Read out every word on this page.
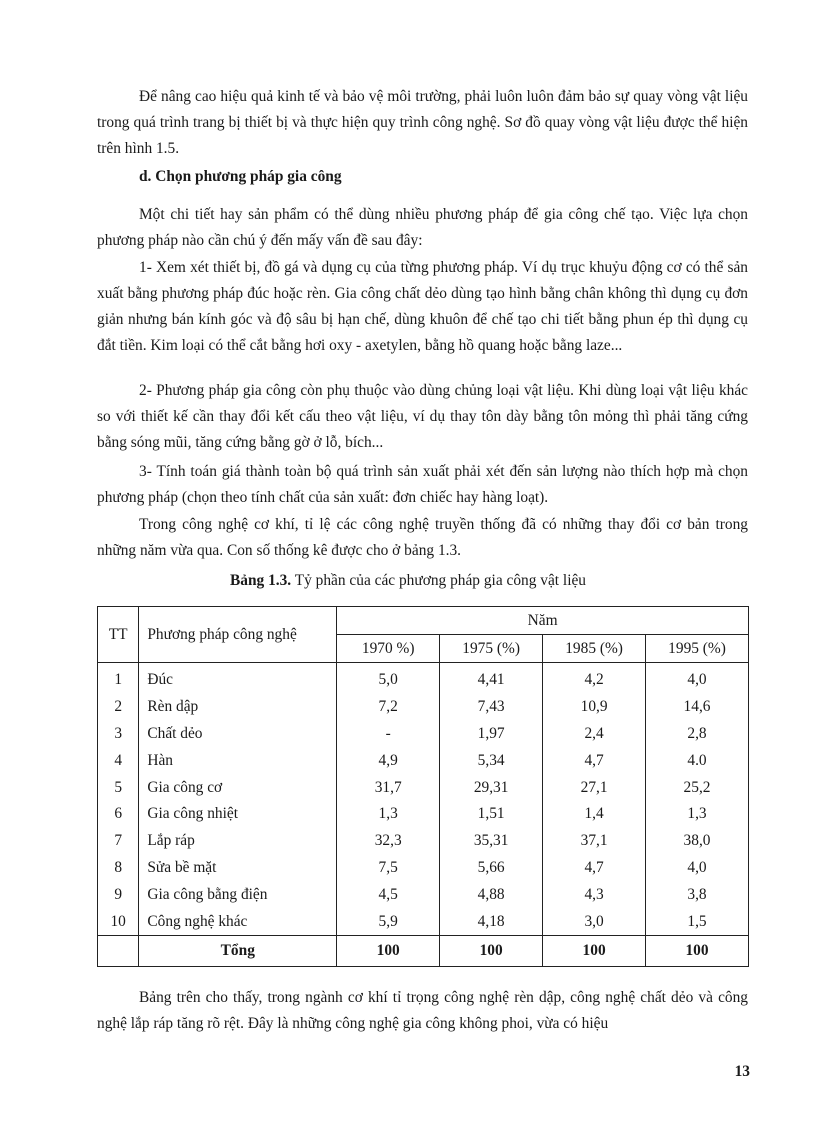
Để nâng cao hiệu quả kinh tế và bảo vệ môi trường, phải luôn luôn đảm bảo sự quay vòng vật liệu trong quá trình trang bị thiết bị và thực hiện quy trình công nghệ. Sơ đồ quay vòng vật liệu được thể hiện trên hình 1.5.

d. Chọn phương pháp gia công

Một chi tiết hay sản phẩm có thể dùng nhiều phương pháp để gia công chế tạo. Việc lựa chọn phương pháp nào cần chú ý đến mấy vấn đề sau đây:

1- Xem xét thiết bị, đồ gá và dụng cụ của từng phương pháp. Ví dụ trục khuỷu động cơ có thể sản xuất bằng phương pháp đúc hoặc rèn. Gia công chất dẻo dùng tạo hình bằng chân không thì dụng cụ đơn giản nhưng bán kính góc và độ sâu bị hạn chế, dùng khuôn để chế tạo chi tiết bằng phun ép thì dụng cụ đắt tiền. Kim loại có thể cắt bằng hơi oxy - axetylen, bằng hồ quang hoặc bằng laze...

2- Phương pháp gia công còn phụ thuộc vào dùng chủng loại vật liệu. Khi dùng loại vật liệu khác so với thiết kế cần thay đổi kết cấu theo vật liệu, ví dụ thay tôn dày bằng tôn mỏng thì phải tăng cứng bằng sóng mũi, tăng cứng bằng gờ ở lỗ, bích...

3- Tính toán giá thành toàn bộ quá trình sản xuất phải xét đến sản lượng nào thích hợp mà chọn phương pháp (chọn theo tính chất của sản xuất: đơn chiếc hay hàng loạt).

Trong công nghệ cơ khí, tỉ lệ các công nghệ truyền thống đã có những thay đổi cơ bản trong những năm vừa qua. Con số thống kê được cho ở bảng 1.3.

Bảng 1.3. Tỷ phần của các phương pháp gia công vật liệu
TT	Phương pháp công nghệ	Năm			
		1970 %)	1975 (%)	1985 (%)	1995 (%)
1	Đúc	5,0	4,41	4,2	4,0
2	Rèn dập	7,2	7,43	10,9	14,6
3	Chất dẻo	-	1,97	2,4	2,8
4	Hàn	4,9	5,34	4,7	4.0
5	Gia công cơ	31,7	29,31	27,1	25,2
6	Gia công nhiệt	1,3	1,51	1,4	1,3
7	Lắp ráp	32,3	35,31	37,1	38,0
8	Sửa bề mặt	7,5	5,66	4,7	4,0
9	Gia công bằng điện	4,5	4,88	4,3	3,8
10	Công nghệ khác	5,9	4,18	3,0	1,5
	Tổng	100	100	100	100

Bảng trên cho thấy, trong ngành cơ khí tỉ trọng công nghệ rèn dập, công nghệ chất dẻo và công nghệ lắp ráp tăng rõ rệt. Đây là những công nghệ gia công không phoi, vừa có hiệu

13
